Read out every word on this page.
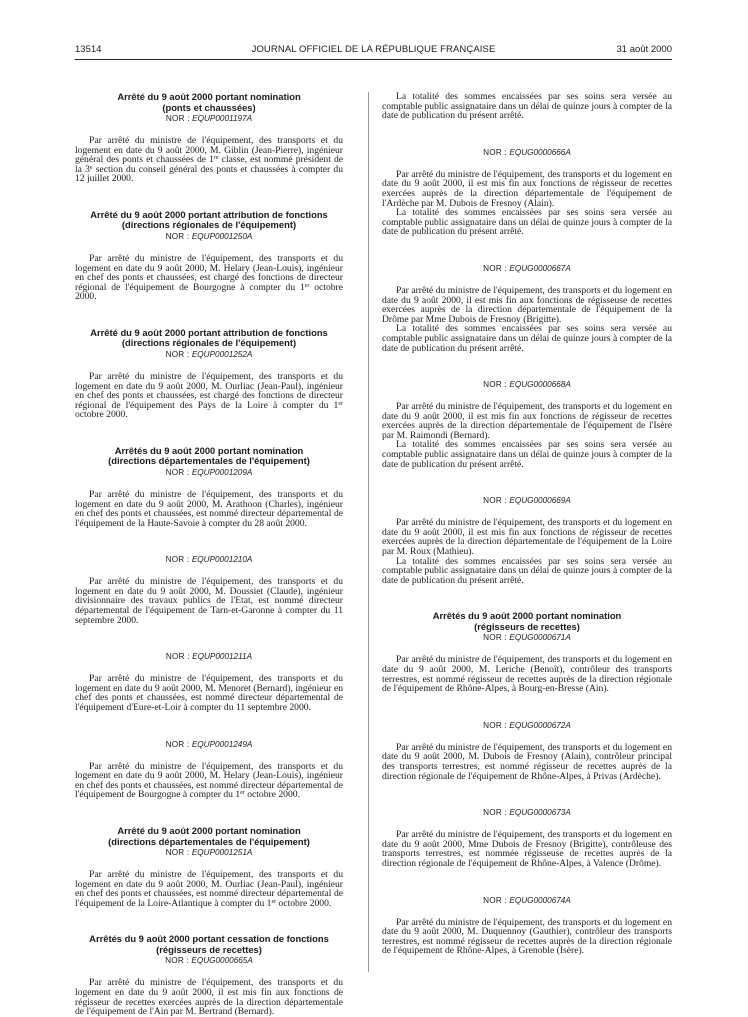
13514	JOURNAL OFFICIEL DE LA RÉPUBLIQUE FRANÇAISE	31 août 2000
Arrêté du 9 août 2000 portant nomination
(ponts et chaussées)
NOR : EQUP0001197A

Par arrêté du ministre de l'équipement, des transports et du logement en date du 9 août 2000, M. Giblin (Jean-Pierre), ingénieur général des ponts et chaussées de 1re classe, est nommé président de la 3e section du conseil général des ponts et chaussées à compter du 12 juillet 2000.

Arrêté du 9 août 2000 portant attribution de fonctions
(directions régionales de l'équipement)
NOR : EQUP0001250A

Par arrêté du ministre de l'équipement, des transports et du logement en date du 9 août 2000, M. Helary (Jean-Louis), ingénieur en chef des ponts et chaussées, est chargé des fonctions de directeur régional de l'équipement de Bourgogne à compter du 1er octobre 2000.

Arrêté du 9 août 2000 portant attribution de fonctions
(directions régionales de l'équipement)
NOR : EQUP0001252A

Par arrêté du ministre de l'équipement, des transports et du logement en date du 9 août 2000, M. Ourliac (Jean-Paul), ingénieur en chef des ponts et chaussées, est chargé des fonctions de directeur régional de l'équipement des Pays de la Loire à compter du 1er octobre 2000.

Arrêtés du 9 août 2000 portant nomination
(directions départementales de l'équipement)
NOR : EQUP0001209A

Par arrêté du ministre de l'équipement, des transports et du logement en date du 9 août 2000, M. Arathoon (Charles), ingénieur en chef des ponts et chaussées, est nommé directeur départemental de l'équipement de la Haute-Savoie à compter du 28 août 2000.

NOR : EQUP0001210A

Par arrêté du ministre de l'équipement, des transports et du logement en date du 9 août 2000, M. Doussiet (Claude), ingénieur divisionnaire des travaux publics de l'Etat, est nommé directeur départemental de l'équipement de Tarn-et-Garonne à compter du 11 septembre 2000.

NOR : EQUP0001211A

Par arrêté du ministre de l'équipement, des transports et du logement en date du 9 août 2000, M. Menoret (Bernard), ingénieur en chef des ponts et chaussées, est nommé directeur départemental de l'équipement d'Eure-et-Loir à compter du 11 septembre 2000.

NOR : EQUP0001249A

Par arrêté du ministre de l'équipement, des transports et du logement en date du 9 août 2000, M. Helary (Jean-Louis), ingénieur en chef des ponts et chaussées, est nommé directeur départemental de l'équipement de Bourgogne à compter du 1er octobre 2000.

Arrêté du 9 août 2000 portant nomination
(directions départementales de l'équipement)
NOR : EQUP0001251A

Par arrêté du ministre de l'équipement, des transports et du logement en date du 9 août 2000, M. Ourliac (Jean-Paul), ingénieur en chef des ponts et chaussées, est nommé directeur départemental de l'équipement de la Loire-Atlantique à compter du 1er octobre 2000.

Arrêtés du 9 août 2000 portant cessation de fonctions
(régisseurs de recettes)
NOR : EQUG0000665A

Par arrêté du ministre de l'équipement, des transports et du logement en date du 9 août 2000, il est mis fin aux fonctions de régisseur de recettes exercées auprès de la direction départementale de l'équipement de l'Ain par M. Bertrand (Bernard).

La totalité des sommes encaissées par ses soins sera versée au comptable public assignataire dans un délai de quinze jours à compter de la date de publication du présent arrêté.

NOR : EQUG0000666A

Par arrêté du ministre de l'équipement, des transports et du logement en date du 9 août 2000, il est mis fin aux fonctions de régisseur de recettes exercées auprès de la direction départementale de l'équipement de l'Ardèche par M. Dubois de Fresnoy (Alain).

La totalité des sommes encaissées par ses soins sera versée au comptable public assignataire dans un délai de quinze jours à compter de la date de publication du présent arrêté.

NOR : EQUG0000667A

Par arrêté du ministre de l'équipement, des transports et du logement en date du 9 août 2000, il est mis fin aux fonctions de régisseuse de recettes exercées auprès de la direction départementale de l'équipement de la Drôme par Mme Dubois de Fresnoy (Brigitte).

La totalité des sommes encaissées par ses soins sera versée au comptable public assignataire dans un délai de quinze jours à compter de la date de publication du présent arrêté.

NOR : EQUG0000668A

Par arrêté du ministre de l'équipement, des transports et du logement en date du 9 août 2000, il est mis fin aux fonctions de régisseur de recettes exercées auprès de la direction départementale de l'équipement de l'Isère par M. Raimondi (Bernard).

La totalité des sommes encaissées par ses soins sera versée au comptable public assignataire dans un délai de quinze jours à compter de la date de publication du présent arrêté.

NOR : EQUG0000669A

Par arrêté du ministre de l'équipement, des transports et du logement en date du 9 août 2000, il est mis fin aux fonctions de régisseur de recettes exercées auprès de la direction départementale de l'équipement de la Loire par M. Roux (Mathieu).

La totalité des sommes encaissées par ses soins sera versée au comptable public assignataire dans un délai de quinze jours à compter de la date de publication du présent arrêté.

Arrêtés du 9 août 2000 portant nomination
(régisseurs de recettes)
NOR : EQUG0000671A

Par arrêté du ministre de l'équipement, des transports et du logement en date du 9 août 2000, M. Leriche (Benoît), contrôleur des transports terrestres, est nommé régisseur de recettes auprès de la direction régionale de l'équipement de Rhône-Alpes, à Bourg-en-Bresse (Ain).

NOR : EQUG0000672A

Par arrêté du ministre de l'équipement, des transports et du logement en date du 9 août 2000, M. Dubois de Fresnoy (Alain), contrôleur principal des transports terrestres, est nommé régisseur de recettes auprès de la direction régionale de l'équipement de Rhône-Alpes, à Privas (Ardèche).

NOR : EQUG0000673A

Par arrêté du ministre de l'équipement, des transports et du logement en date du 9 août 2000, Mme Dubois de Fresnoy (Brigitte), contrôleuse des transports terrestres, est nommée régisseuse de recettes auprès de la direction régionale de l'équipement de Rhône-Alpes, à Valence (Drôme).

NOR : EQUG0000674A

Par arrêté du ministre de l'équipement, des transports et du logement en date du 9 août 2000, M. Duquennoy (Gauthier), contrôleur des transports terrestres, est nommé régisseur de recettes auprès de la direction régionale de l'équipement de Rhône-Alpes, à Grenoble (Isère).
